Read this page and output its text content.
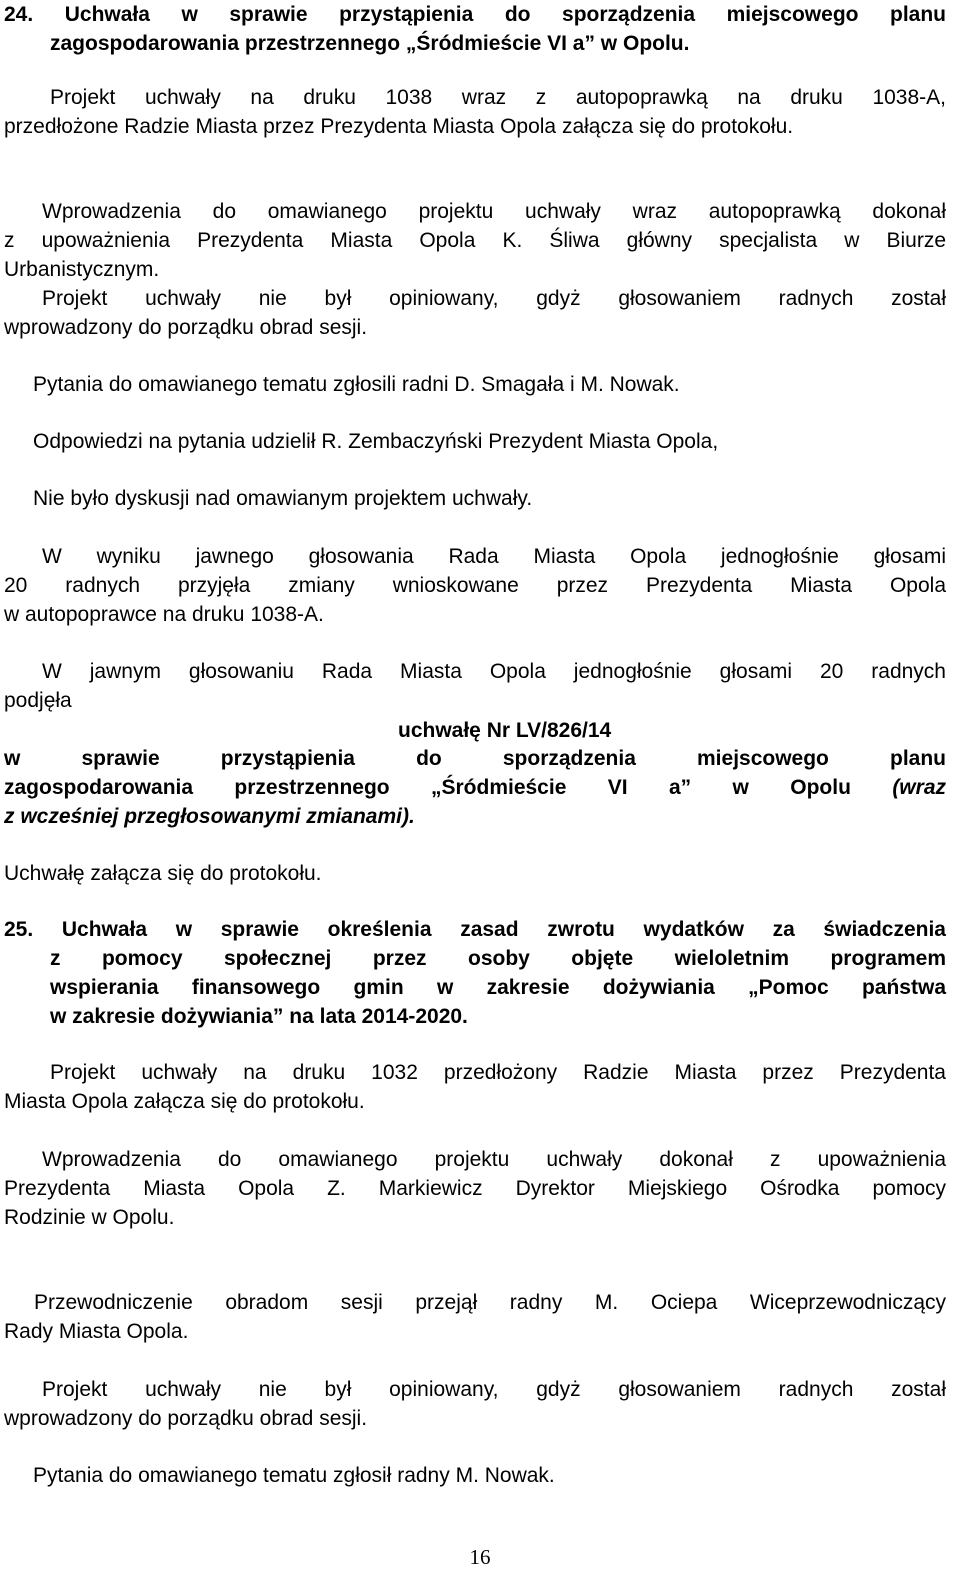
24. Uchwała w sprawie przystąpienia do sporządzenia miejscowego planu
zagospodarowania przestrzennego „Śródmieście VI a” w Opolu.
Projekt uchwały na druku 1038 wraz z autopoprawką na druku 1038-A,
przedłożone Radzie Miasta przez Prezydenta Miasta Opola załącza się do protokołu.
Wprowadzenia do omawianego projektu uchwały wraz autopoprawką dokonał
z upoważnienia Prezydenta Miasta Opola K. Śliwa główny specjalista w Biurze
Urbanistycznym.
Projekt uchwały nie był opiniowany, gdyż głosowaniem radnych został
wprowadzony do porządku obrad sesji.
Pytania do omawianego tematu zgłosili radni D. Smagała i M. Nowak.
Odpowiedzi na pytania udzielił R. Zembaczyński Prezydent Miasta Opola,
Nie było dyskusji nad omawianym projektem uchwały.
W wyniku jawnego głosowania Rada Miasta Opola jednogłośnie głosami
20 radnych przyjęła zmiany wnioskowane przez Prezydenta Miasta Opola
w autopoprawce na druku 1038-A.
W jawnym głosowaniu Rada Miasta Opola jednogłośnie głosami 20 radnych
podjęła
uchwałę Nr LV/826/14
w sprawie przystąpienia do sporządzenia miejscowego planu
zagospodarowania przestrzennego „Śródmieście VI a” w Opolu (wraz
z wcześniej przegłosowanymi zmianami).
Uchwałę załącza się do protokołu.
25. Uchwała w sprawie określenia zasad zwrotu wydatków za świadczenia
z pomocy społecznej przez osoby objęte wieloletnim programem
wspierania finansowego gmin w zakresie dożywiania „Pomoc państwa
w zakresie dożywiania” na lata 2014-2020.
Projekt uchwały na druku 1032 przedłożony Radzie Miasta przez Prezydenta
Miasta Opola załącza się do protokołu.
Wprowadzenia do omawianego projektu uchwały dokonał z upoważnienia
Prezydenta Miasta Opola Z. Markiewicz Dyrektor Miejskiego Ośrodka pomocy
Rodzinie w Opolu.
Przewodniczenie obradom sesji przejął radny M. Ociepa Wiceprzewodniczący
Rady Miasta Opola.
Projekt uchwały nie był opiniowany, gdyż głosowaniem radnych został
wprowadzony do porządku obrad sesji.
Pytania do omawianego tematu zgłosił radny M. Nowak.
16
